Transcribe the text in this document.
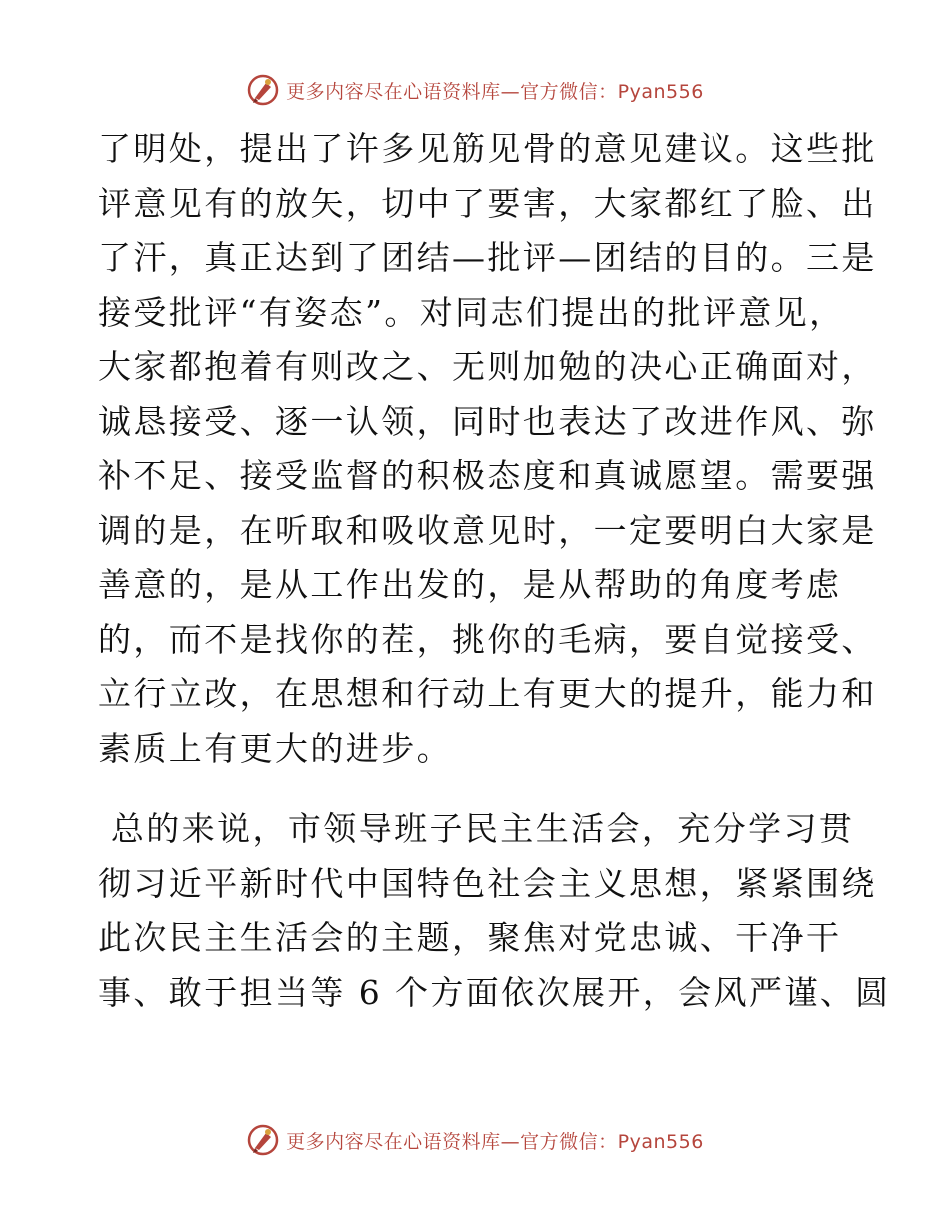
更多内容尽在心语资料库—官方微信：Pyan556
了明处，提出了许多见筋见骨的意见建议。这些批
评意见有的放矢，切中了要害，大家都红了脸、出
了汗，真正达到了团结—批评—团结的目的。三是
接受批评“有姿态”。对同志们提出的批评意见，
大家都抱着有则改之、无则加勉的决心正确面对，
诚恳接受、逐一认领，同时也表达了改进作风、弥
补不足、接受监督的积极态度和真诚愿望。需要强
调的是，在听取和吸收意见时，一定要明白大家是
善意的，是从工作出发的，是从帮助的角度考虑
的，而不是找你的茬，挑你的毛病，要自觉接受、
立行立改，在思想和行动上有更大的提升，能力和
素质上有更大的进步。
总的来说，市领导班子民主生活会，充分学习贯
彻习近平新时代中国特色社会主义思想，紧紧围绕
此次民主生活会的主题，聚焦对党忠诚、干净干
事、敢于担当等 6 个方面依次展开，会风严谨、圆
更多内容尽在心语资料库—官方微信：Pyan556
